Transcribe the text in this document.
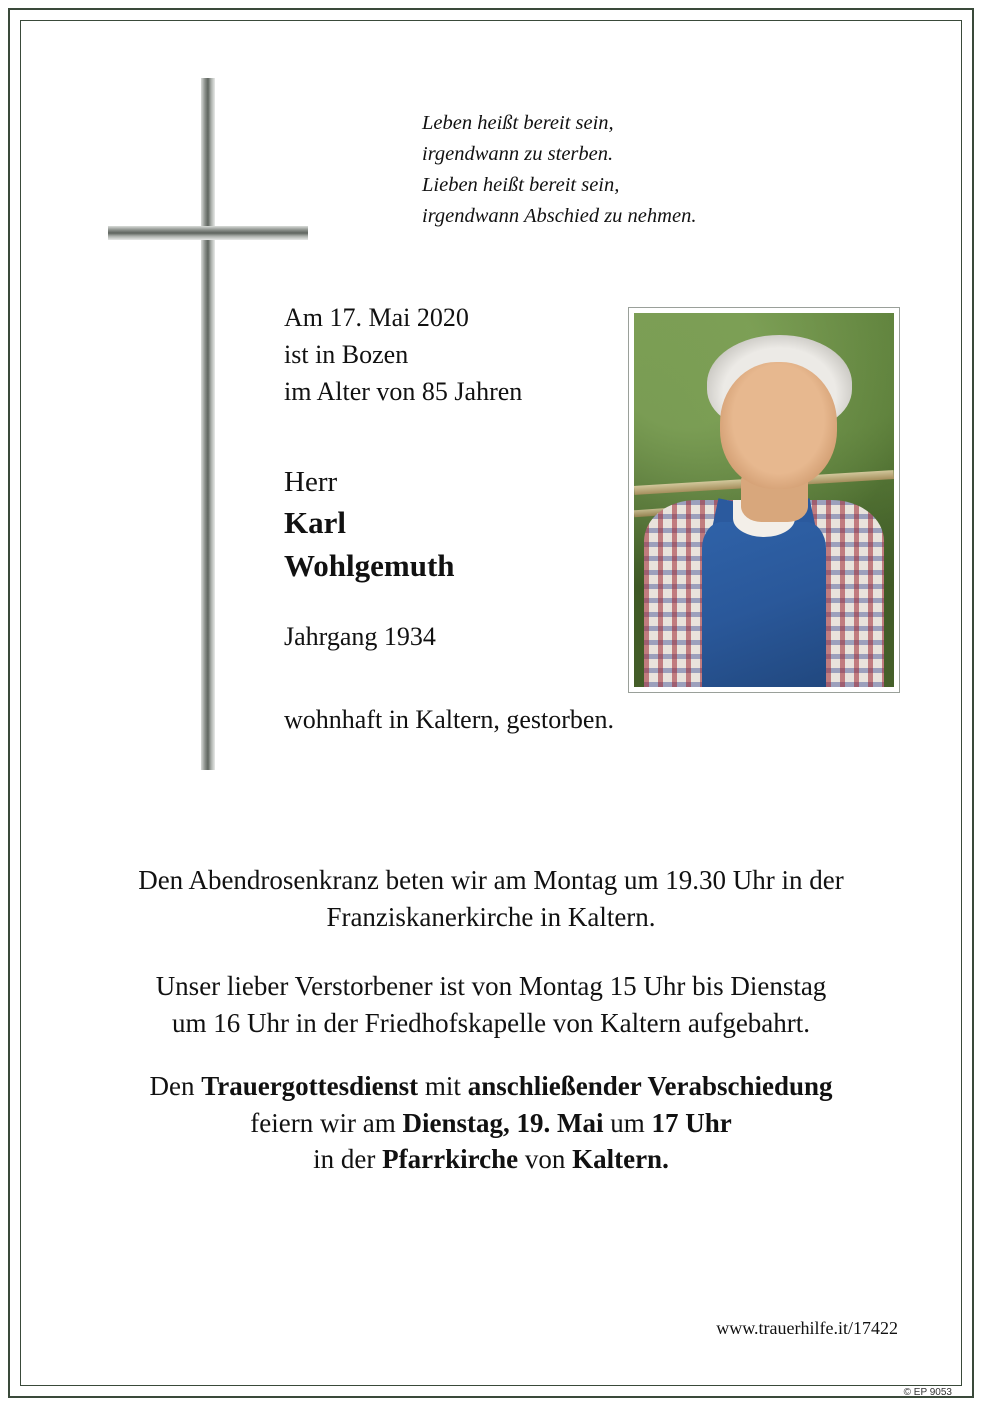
Leben heißt bereit sein,
irgendwann zu sterben.
Lieben heißt bereit sein,
irgendwann Abschied zu nehmen.
Am 17. Mai 2020
ist in Bozen
im Alter von 85 Jahren
Herr
Karl
Wohlgemuth
Jahrgang 1934
wohnhaft in Kaltern, gestorben.
Den Abendrosenkranz beten wir am Montag um 19.30 Uhr in der
Franziskanerkirche in Kaltern.
Unser lieber Verstorbener ist von Montag 15 Uhr bis Dienstag
um 16 Uhr in der Friedhofskapelle von Kaltern aufgebahrt.
Den Trauergottesdienst mit anschließender Verabschiedung
feiern wir am Dienstag, 19. Mai um 17 Uhr
in der Pfarrkirche von Kaltern.
www.trauerhilfe.it/17422
© EP 9053
